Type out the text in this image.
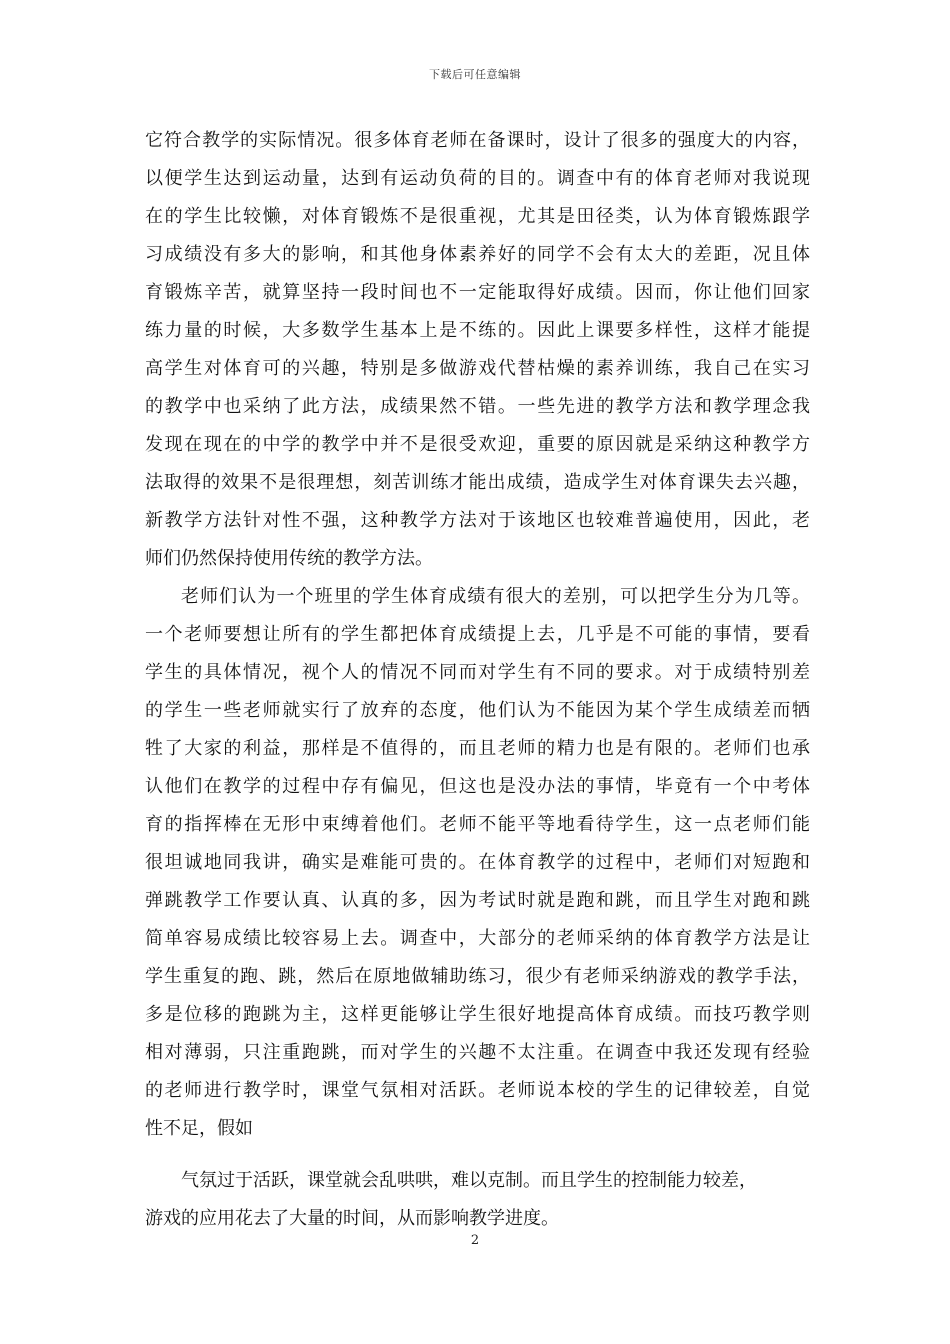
下载后可任意编辑
它符合教学的实际情况。很多体育老师在备课时，设计了很多的强度大的内容，
以便学生达到运动量，达到有运动负荷的目的。调查中有的体育老师对我说现
在的学生比较懒，对体育锻炼不是很重视，尤其是田径类，认为体育锻炼跟学
习成绩没有多大的影响，和其他身体素养好的同学不会有太大的差距，况且体
育锻炼辛苦，就算坚持一段时间也不一定能取得好成绩。因而，你让他们回家
练力量的时候，大多数学生基本上是不练的。因此上课要多样性，这样才能提
高学生对体育可的兴趣，特别是多做游戏代替枯燥的素养训练，我自己在实习
的教学中也采纳了此方法，成绩果然不错。一些先进的教学方法和教学理念我
发现在现在的中学的教学中并不是很受欢迎，重要的原因就是采纳这种教学方
法取得的效果不是很理想，刻苦训练才能出成绩，造成学生对体育课失去兴趣，
新教学方法针对性不强，这种教学方法对于该地区也较难普遍使用，因此，老
师们仍然保持使用传统的教学方法。
老师们认为一个班里的学生体育成绩有很大的差别，可以把学生分为几等。
一个老师要想让所有的学生都把体育成绩提上去，几乎是不可能的事情，要看
学生的具体情况，视个人的情况不同而对学生有不同的要求。对于成绩特别差
的学生一些老师就实行了放弃的态度，他们认为不能因为某个学生成绩差而牺
牲了大家的利益，那样是不值得的，而且老师的精力也是有限的。老师们也承
认他们在教学的过程中存有偏见，但这也是没办法的事情，毕竟有一个中考体
育的指挥棒在无形中束缚着他们。老师不能平等地看待学生，这一点老师们能
很坦诚地同我讲，确实是难能可贵的。在体育教学的过程中，老师们对短跑和
弹跳教学工作要认真、认真的多，因为考试时就是跑和跳，而且学生对跑和跳
简单容易成绩比较容易上去。调查中，大部分的老师采纳的体育教学方法是让
学生重复的跑、跳，然后在原地做辅助练习，很少有老师采纳游戏的教学手法，
多是位移的跑跳为主，这样更能够让学生很好地提高体育成绩。而技巧教学则
相对薄弱，只注重跑跳，而对学生的兴趣不太注重。在调查中我还发现有经验
的老师进行教学时，课堂气氛相对活跃。老师说本校的学生的记律较差，自觉
性不足，假如
气氛过于活跃，课堂就会乱哄哄，难以克制。而且学生的控制能力较差，
游戏的应用花去了大量的时间，从而影响教学进度。
2
